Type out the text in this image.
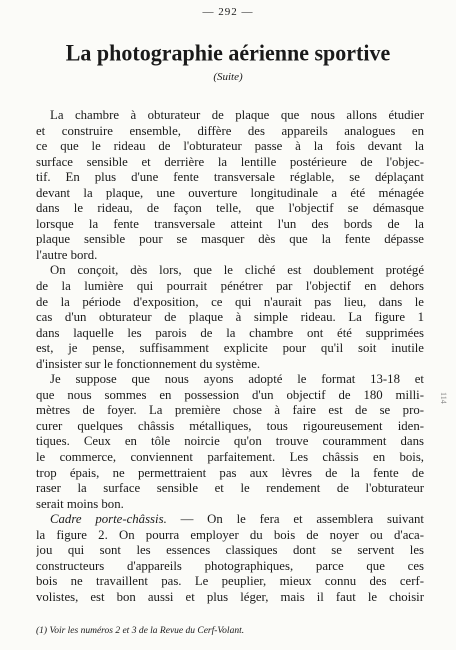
— 292 —
La photographie aérienne sportive
(Suite)

La chambre à obturateur de plaque que nous allons étudier
et construire ensemble, diffère des appareils analogues en
ce que le rideau de l'obturateur passe à la fois devant la
surface sensible et derrière la lentille postérieure de l'objec-
tif. En plus d'une fente transversale réglable, se déplaçant
devant la plaque, une ouverture longitudinale a été ménagée
dans le rideau, de façon telle, que l'objectif se démasque
lorsque la fente transversale atteint l'un des bords de la
plaque sensible pour se masquer dès que la fente dépasse
l'autre bord.

On conçoit, dès lors, que le cliché est doublement protégé
de la lumière qui pourrait pénétrer par l'objectif en dehors
de la période d'exposition, ce qui n'aurait pas lieu, dans le
cas d'un obturateur de plaque à simple rideau. La figure 1
dans laquelle les parois de la chambre ont été supprimées
est, je pense, suffisamment explicite pour qu'il soit inutile
d'insister sur le fonctionnement du système.

Je suppose que nous ayons adopté le format 13-18 et
que nous sommes en possession d'un objectif de 180 milli-
mètres de foyer. La première chose à faire est de se pro-
curer quelques châssis métalliques, tous rigoureusement iden-
tiques. Ceux en tôle noircie qu'on trouve couramment dans
le commerce, conviennent parfaitement. Les châssis en bois,
trop épais, ne permettraient pas aux lèvres de la fente de
raser la surface sensible et le rendement de l'obturateur
serait moins bon.

Cadre porte-châssis. — On le fera et assemblera suivant
la figure 2. On pourra employer du bois de noyer ou d'aca-
jou qui sont les essences classiques dont se servent les
constructeurs d'appareils photographiques, parce que ces
bois ne travaillent pas. Le peuplier, mieux connu des cerf-
volistes, est bon aussi et plus léger, mais il faut le choisir

114
(1) Voir les numéros 2 et 3 de la Revue du Cerf-Volant.
